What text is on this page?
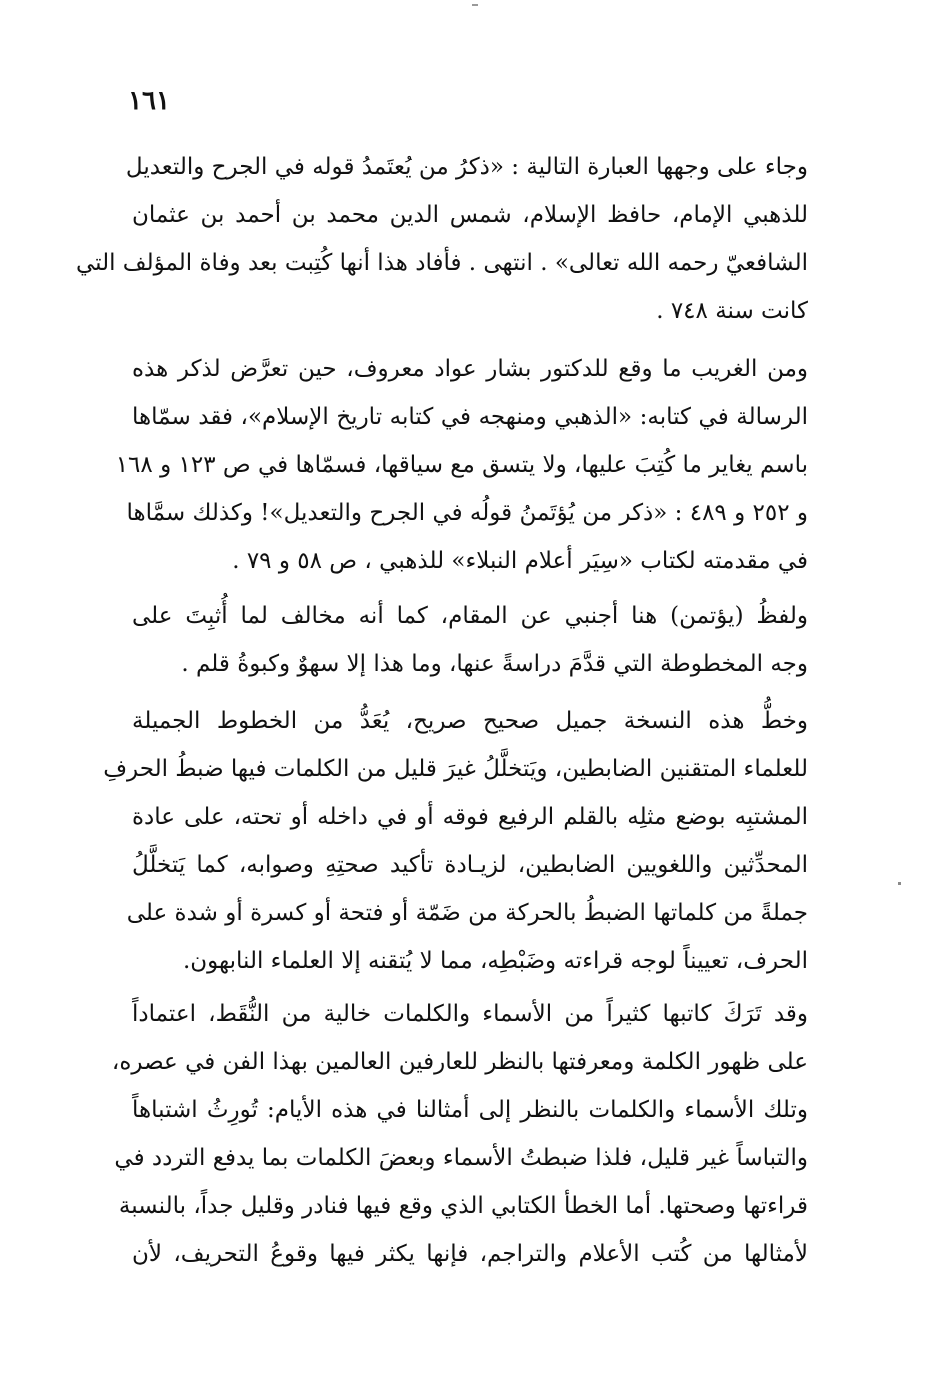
١٦١
وجاء على وجهها العبارة التالية : «ذكرُ من يُعتَمدُ قوله في الجرح والتعديل
للذهبي الإمام، حافظ الإسلام، شمس الدين محمد بن أحمد بن عثمان
الشافعيّ رحمه الله تعالى» . انتهى . فأفاد هذا أنها كُتِبت بعد وفاة المؤلف التي
كانت سنة ٧٤٨ .
ومن الغريب ما وقع للدكتور بشار عواد معروف، حين تعرَّض لذكر هذه
الرسالة في كتابه: «الذهبي ومنهجه في كتابه تاريخ الإسلام»، فقد سمّاها
باسم يغاير ما كُتِبَ عليها، ولا يتسق مع سياقها، فسمّاها في ص ١٢٣ و ١٦٨
و ٢٥٢ و ٤٨٩ : «ذكر من يُؤتَمنُ قولُه في الجرح والتعديل»! وكذلك سمَّاها
في مقدمته لكتاب «سِيَر أعلام النبلاء» للذهبي ، ص ٥٨ و ٧٩ .
ولفظُ (يؤتمن) هنا أجنبي عن المقام، كما أنه مخالف لما أُثبِتَ على
وجه المخطوطة التي قدَّمَ دراسةً عنها، وما هذا إلا سهوٌ وكبوةُ قلم .
وخطُّ هذه النسخة جميل صحيح صريح، يُعَدُّ من الخطوط الجميلة
للعلماء المتقنين الضابطين، ويَتخلَّلُ غيرَ قليل من الكلمات فيها ضبطُ الحرفِ
المشتبِه بوضع مثلِه بالقلم الرفيع فوقه أو في داخله أو تحته، على عادة
المحدِّثين واللغويين الضابطين، لزيـادة تأكيد صحتِهِ وصوابه، كما يَتخلَّلُ
جملةً من كلماتها الضبطُ بالحركة من ضَمّة أو فتحة أو كسرة أو شدة على
الحرف، تعييناً لوجه قراءته وضَبْطِه، مما لا يُتقنه إلا العلماء النابهون.
وقد تَرَكَ كاتبها كثيراً من الأسماء والكلمات خالية من النُّقَط، اعتماداً
على ظهور الكلمة ومعرفتها بالنظر للعارفين العالمين بهذا الفن في عصره،
وتلك الأسماء والكلمات بالنظر إلى أمثالنا في هذه الأيام: تُورِثُ اشتباهاً
والتباساً غير قليل، فلذا ضبطتُ الأسماء وبعضَ الكلمات بما يدفع التردد في
قراءتها وصحتها. أما الخطأ الكتابي الذي وقع فيها فنادر وقليل جداً، بالنسبة
لأمثالها من كُتب الأعلام والتراجم، فإنها يكثر فيها وقوعُ التحريف، لأن
